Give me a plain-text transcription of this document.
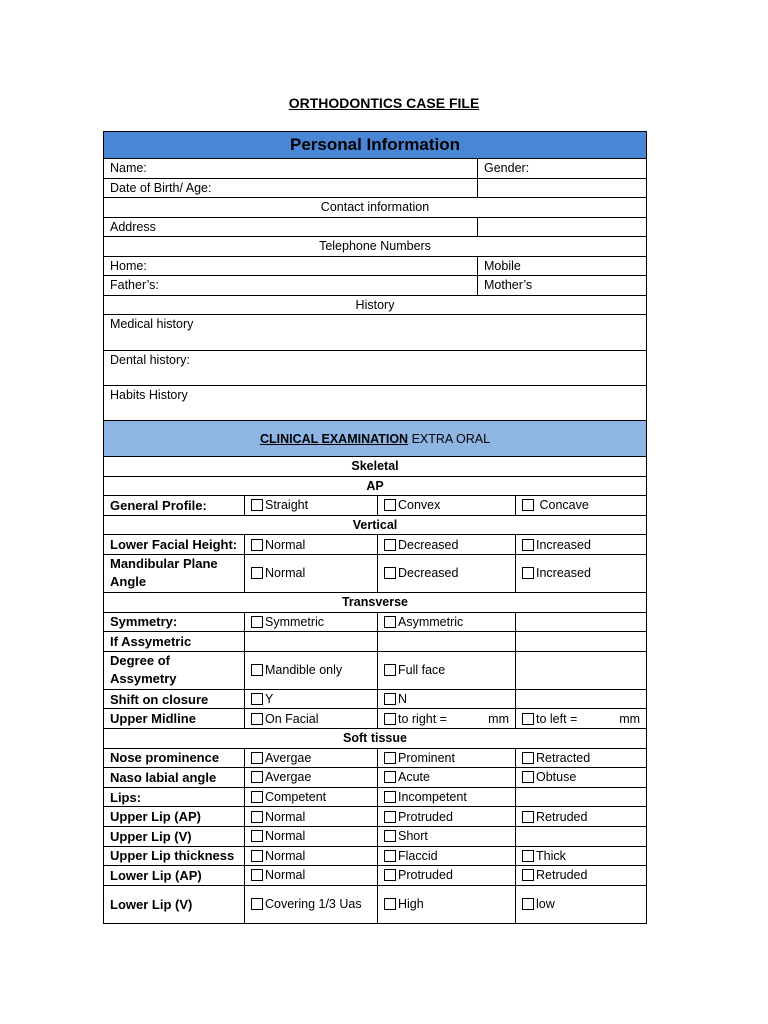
ORTHODONTICS CASE FILE
Personal Information	
Name:	Gender:
Date of Birth/ Age:	
Contact information	
Address	
Telephone Numbers	
Home:	Mobile
Father’s:	Mother’s
History	
Medical history	
Dental history:	
Habits History	
CLINICAL EXAMINATION EXTRA ORAL			
Skeletal			
AP			
General Profile:	Straight	Convex	Concave
Vertical			
Lower Facial Height:	Normal	Decreased	Increased
Mandibular Plane Angle	Normal	Decreased	Increased
Transverse			
Symmetry:	Symmetric	Asymmetric	
If Assymetric			
Degree of Assymetry	Mandible only	Full face	
Shift on closure	Y	N	
Upper Midline	On Facial	to right = mm	to left = mm

Soft tissue			
Nose prominence	Avergae	Prominent	Retracted
Naso labial angle	Avergae	Acute	Obtuse
Lips:	Competent	Incompetent	
Upper Lip (AP)	Normal	Protruded	Retruded
Upper Lip (V)	Normal	Short	
Upper Lip thickness	Normal	Flaccid	Thick
Lower Lip (AP)	Normal	Protruded	Retruded
Lower Lip (V)	Covering 1/3 Uas	High	low
